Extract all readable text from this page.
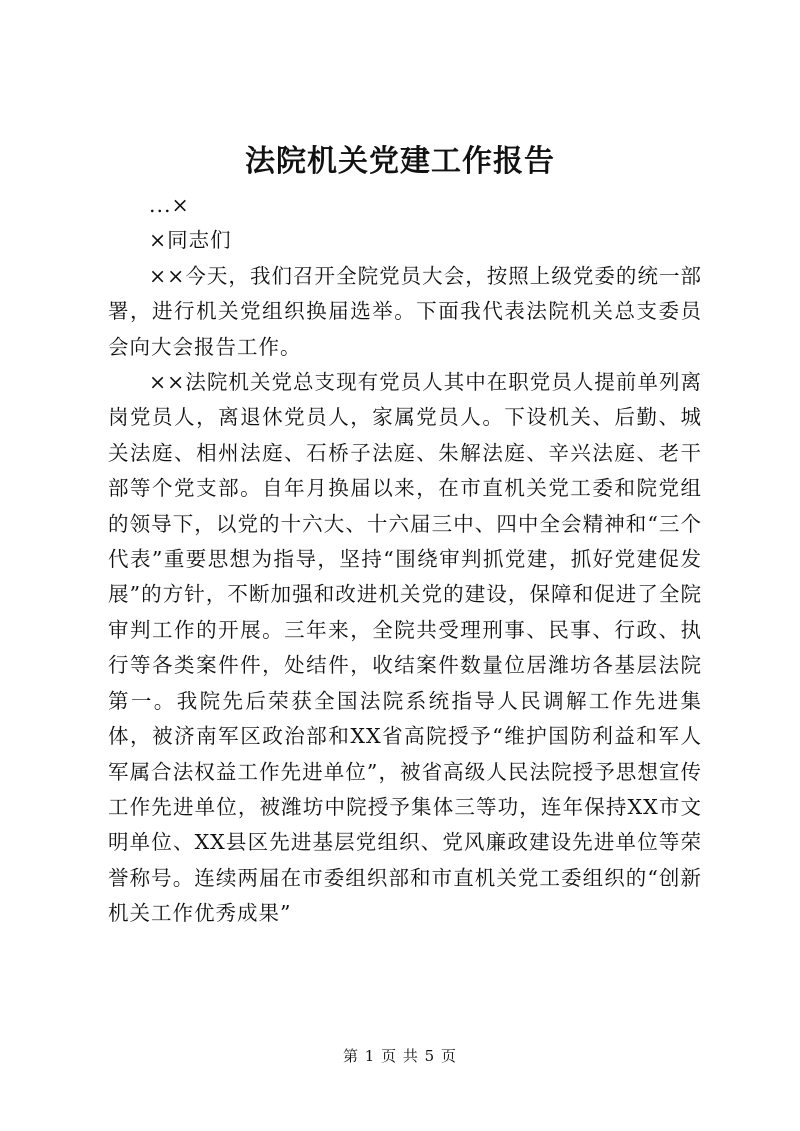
法院机关党建工作报告

...×

×同志们

××今天，我们召开全院党员大会，按照上级党委的统一部署，进行机关党组织换届选举。下面我代表法院机关总支委员会向大会报告工作。

××法院机关党总支现有党员人其中在职党员人提前单列离岗党员人，离退休党员人，家属党员人。下设机关、后勤、城关法庭、相州法庭、石桥子法庭、朱解法庭、辛兴法庭、老干部等个党支部。自年月换届以来，在市直机关党工委和院党组的领导下，以党的十六大、十六届三中、四中全会精神和“三个代表”重要思想为指导，坚持“围绕审判抓党建，抓好党建促发展”的方针，不断加强和改进机关党的建设，保障和促进了全院审判工作的开展。三年来，全院共受理刑事、民事、行政、执行等各类案件件，处结件，收结案件数量位居潍坊各基层法院第一。我院先后荣获全国法院系统指导人民调解工作先进集体，被济南军区政治部和XX省高院授予“维护国防利益和军人军属合法权益工作先进单位”，被省高级人民法院授予思想宣传工作先进单位，被潍坊中院授予集体三等功，连年保持XX市文明单位、XX县区先进基层党组织、党风廉政建设先进单位等荣誉称号。连续两届在市委组织部和市直机关党工委组织的“创新机关工作优秀成果”

第 1 页 共 5 页
